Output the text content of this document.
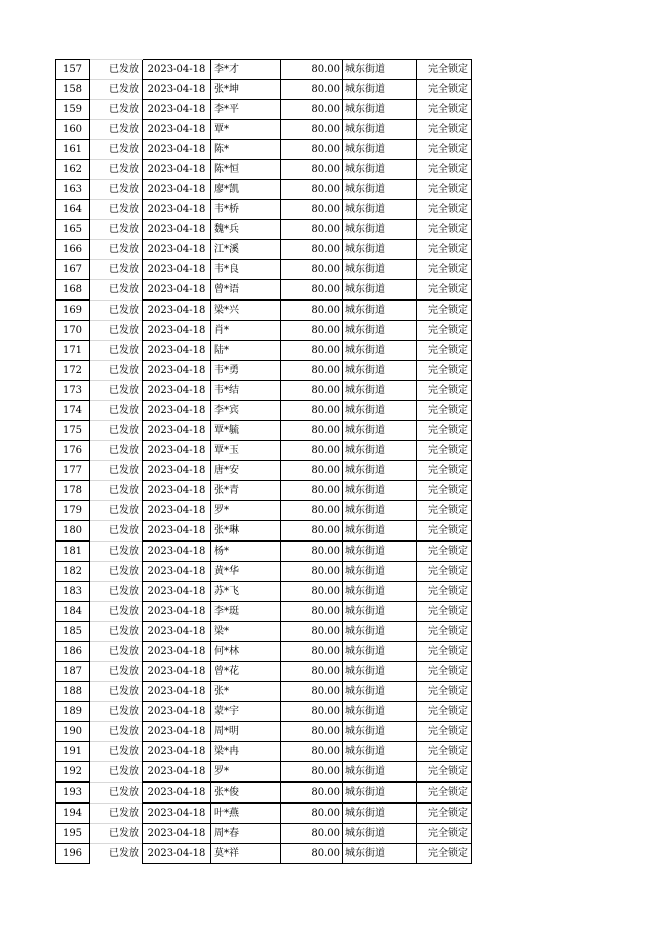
157	已发放	2023-04-18	李*才	80.00	城东街道	完全锁定
158	已发放	2023-04-18	张*坤	80.00	城东街道	完全锁定
159	已发放	2023-04-18	李*平	80.00	城东街道	完全锁定
160	已发放	2023-04-18	覃*	80.00	城东街道	完全锁定
161	已发放	2023-04-18	陈*	80.00	城东街道	完全锁定
162	已发放	2023-04-18	陈*恒	80.00	城东街道	完全锁定
163	已发放	2023-04-18	廖*凯	80.00	城东街道	完全锁定
164	已发放	2023-04-18	韦*桥	80.00	城东街道	完全锁定
165	已发放	2023-04-18	魏*兵	80.00	城东街道	完全锁定
166	已发放	2023-04-18	江*溪	80.00	城东街道	完全锁定
167	已发放	2023-04-18	韦*良	80.00	城东街道	完全锁定
168	已发放	2023-04-18	曾*语	80.00	城东街道	完全锁定
169	已发放	2023-04-18	梁*兴	80.00	城东街道	完全锁定
170	已发放	2023-04-18	肖*	80.00	城东街道	完全锁定
171	已发放	2023-04-18	陆*	80.00	城东街道	完全锁定
172	已发放	2023-04-18	韦*勇	80.00	城东街道	完全锁定
173	已发放	2023-04-18	韦*结	80.00	城东街道	完全锁定
174	已发放	2023-04-18	李*宾	80.00	城东街道	完全锁定
175	已发放	2023-04-18	覃*毓	80.00	城东街道	完全锁定
176	已发放	2023-04-18	覃*玉	80.00	城东街道	完全锁定
177	已发放	2023-04-18	唐*安	80.00	城东街道	完全锁定
178	已发放	2023-04-18	张*青	80.00	城东街道	完全锁定
179	已发放	2023-04-18	罗*	80.00	城东街道	完全锁定
180	已发放	2023-04-18	张*琳	80.00	城东街道	完全锁定
181	已发放	2023-04-18	杨*	80.00	城东街道	完全锁定
182	已发放	2023-04-18	黄*华	80.00	城东街道	完全锁定
183	已发放	2023-04-18	苏*飞	80.00	城东街道	完全锁定
184	已发放	2023-04-18	李*珽	80.00	城东街道	完全锁定
185	已发放	2023-04-18	梁*	80.00	城东街道	完全锁定
186	已发放	2023-04-18	何*林	80.00	城东街道	完全锁定
187	已发放	2023-04-18	曾*花	80.00	城东街道	完全锁定
188	已发放	2023-04-18	张*	80.00	城东街道	完全锁定
189	已发放	2023-04-18	蒙*宇	80.00	城东街道	完全锁定
190	已发放	2023-04-18	周*明	80.00	城东街道	完全锁定
191	已发放	2023-04-18	梁*冉	80.00	城东街道	完全锁定
192	已发放	2023-04-18	罗*	80.00	城东街道	完全锁定
193	已发放	2023-04-18	张*俊	80.00	城东街道	完全锁定
194	已发放	2023-04-18	叶*燕	80.00	城东街道	完全锁定
195	已发放	2023-04-18	周*春	80.00	城东街道	完全锁定
196	已发放	2023-04-18	莫*祥	80.00	城东街道	完全锁定
